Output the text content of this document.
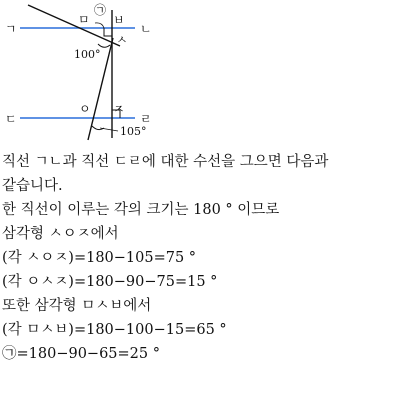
ㄱ	ㄴ
ㅁ ㅂ
ㅅ
㉠
100°
ㄷ	ㄹ
ㅇ ㅈ
105°
직선 ㄱㄴ과 직선 ㄷㄹ에 대한 수선을 그으면 다음과
같습니다.
한 직선이 이루는 각의 크기는 180 ° 이므로
삼각형 ㅅㅇㅈ에서
(각 ㅅㅇㅈ)=180−105=75 °
(각 ㅇㅅㅈ)=180−90−75=15 °
또한 삼각형 ㅁㅅㅂ에서
(각 ㅁㅅㅂ)=180−100−15=65 °
㉠=180−90−65=25 °
